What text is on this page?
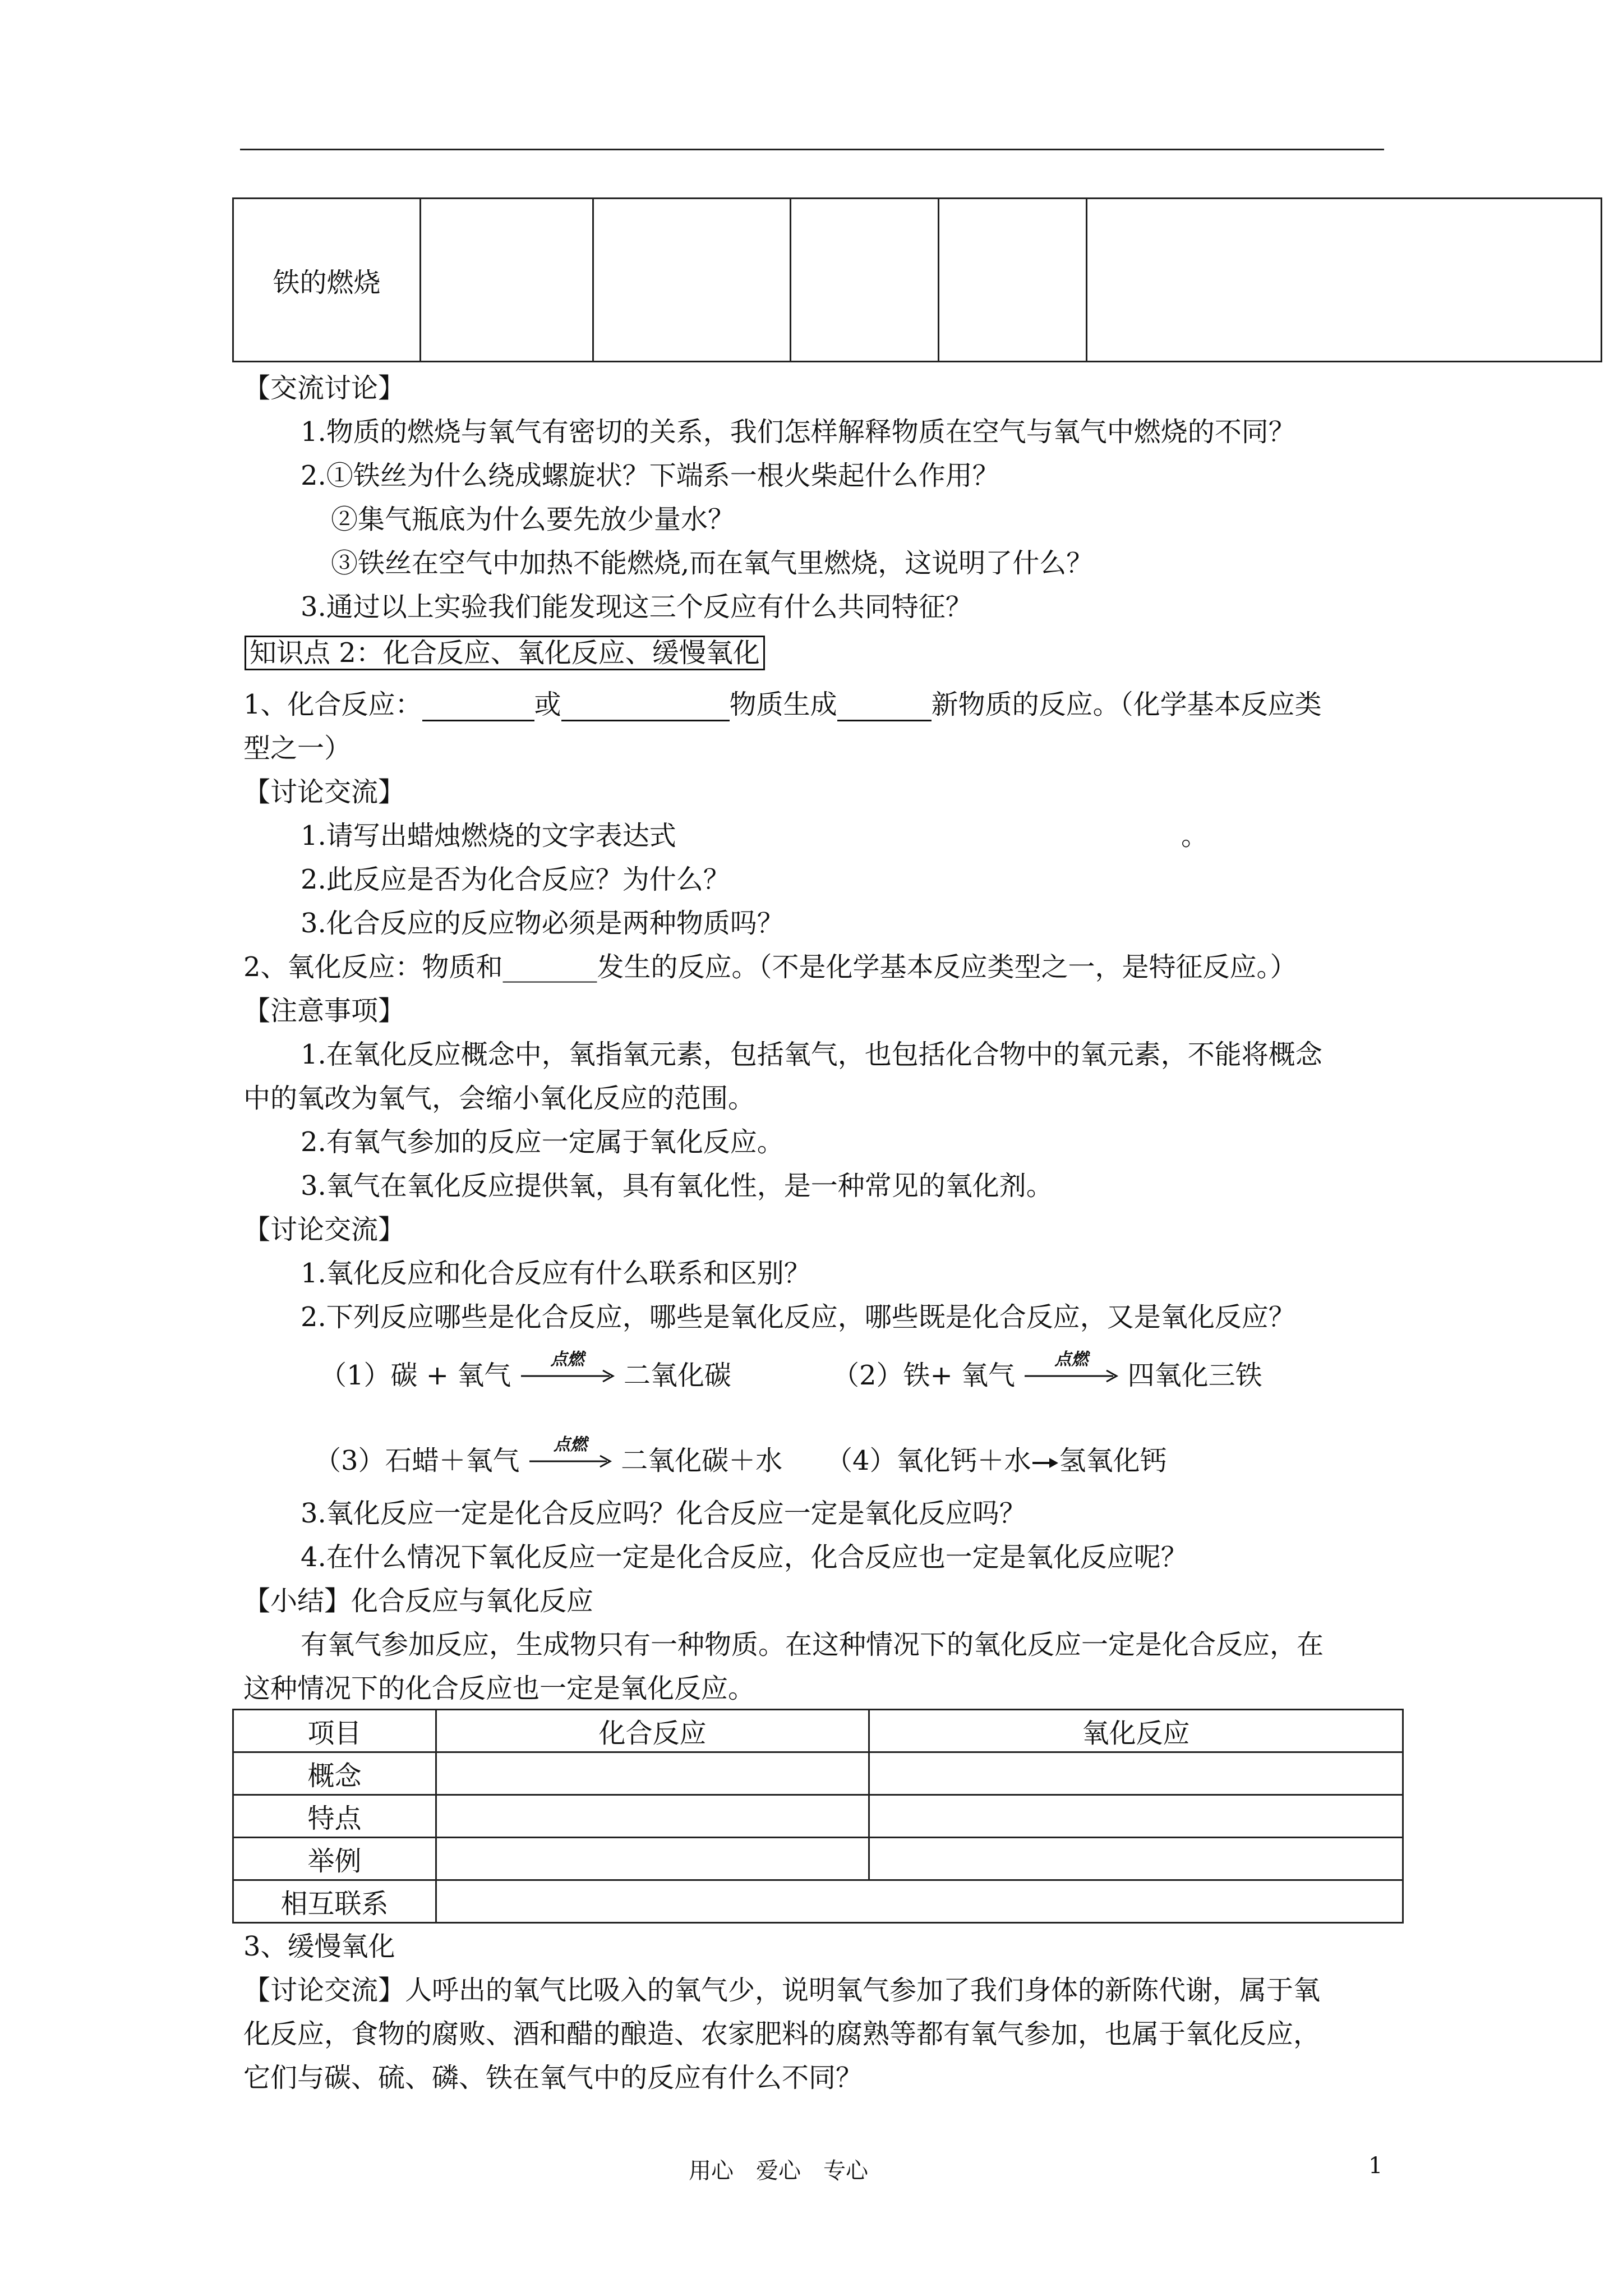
铁的燃烧					
【交流讨论】
1.物质的燃烧与氧气有密切的关系，我们怎样解释物质在空气与氧气中燃烧的不同？
2.①铁丝为什么绕成螺旋状？下端系一根火柴起什么作用？
②集气瓶底为什么要先放少量水？
③铁丝在空气中加热不能燃烧,而在氧气里燃烧，这说明了什么？
3.通过以上实验我们能发现这三个反应有什么共同特征？
知识点 2：化合反应、氧化反应、缓慢氧化
1、化合反应：	或	物质生成	新物质的反应。（化学基本反应类
型之一）
【讨论交流】
1.请写出蜡烛燃烧的文字表达式	。
2.此反应是否为化合反应？为什么？
3.化合反应的反应物必须是两种物质吗？
2、氧化反应：物质和_______发生的反应。（不是化学基本反应类型之一，是特征反应。）
【注意事项】
1.在氧化反应概念中，氧指氧元素，包括氧气，也包括化合物中的氧元素，不能将概念
中的氧改为氧气，会缩小氧化反应的范围。
2.有氧气参加的反应一定属于氧化反应。
3.氧气在氧化反应提供氧，具有氧化性，是一种常见的氧化剂。
【讨论交流】
1.氧化反应和化合反应有什么联系和区别？
2.下列反应哪些是化合反应，哪些是氧化反应，哪些既是化合反应，又是氧化反应？
（1）碳 + 氧气
点燃
二氧化碳	（2）铁+ 氧气
点燃
四氧化三铁
（3）石蜡＋氧气
点燃
二氧化碳＋水 （4）氧化钙＋水 氢氧化钙
3.氧化反应一定是化合反应吗？化合反应一定是氧化反应吗？
4.在什么情况下氧化反应一定是化合反应，化合反应也一定是氧化反应呢？
【小结】化合反应与氧化反应
有氧气参加反应，生成物只有一种物质。在这种情况下的氧化反应一定是化合反应，在
这种情况下的化合反应也一定是氧化反应。
项目	化合反应	氧化反应
概念		
特点		
举例		
相互联系		
3、缓慢氧化
【讨论交流】人呼出的氧气比吸入的氧气少，说明氧气参加了我们身体的新陈代谢，属于氧
化反应，食物的腐败、酒和醋的酿造、农家肥料的腐熟等都有氧气参加，也属于氧化反应，
它们与碳、硫、磷、铁在氧气中的反应有什么不同？
用心　爱心　专心	1
